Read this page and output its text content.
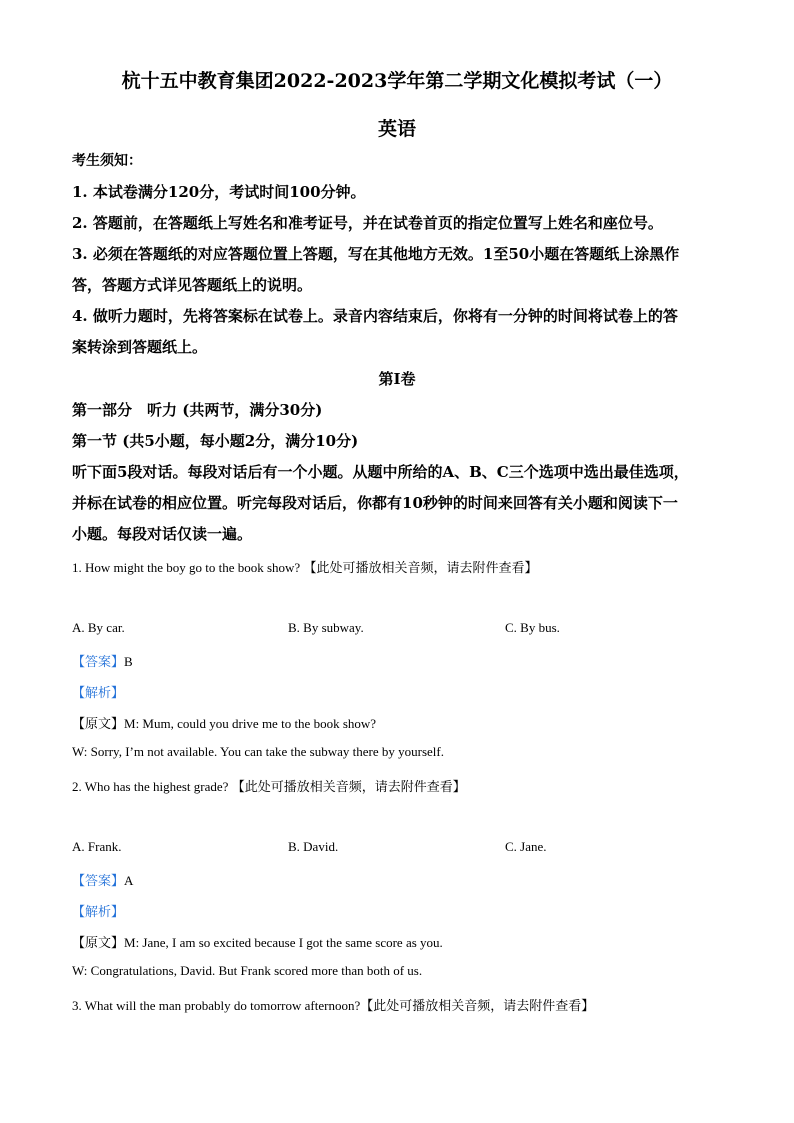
杭十五中教育集团2022-2023学年第二学期文化模拟考试（一）
英语
考生须知：
1. 本试卷满分120分，考试时间100分钟。
2. 答题前，在答题纸上写姓名和准考证号，并在试卷首页的指定位置写上姓名和座位号。
3. 必须在答题纸的对应答题位置上答题，写在其他地方无效。1至50小题在答题纸上涂黑作
答，答题方式详见答题纸上的说明。
4. 做听力题时，先将答案标在试卷上。录音内容结束后，你将有一分钟的时间将试卷上的答
案转涂到答题纸上。
第I卷
第一部分　听力 (共两节，满分30分)
第一节 (共5小题，每小题2分，满分10分)
听下面5段对话。每段对话后有一个小题。从题中所给的A、B、C三个选项中选出最佳选项，
并标在试卷的相应位置。听完每段对话后，你都有10秒钟的时间来回答有关小题和阅读下一
小题。每段对话仅读一遍。
1. How might the boy go to the book show? 【此处可播放相关音频，请去附件查看】
A. By car.	B. By subway.	C. By bus.
【答案】B
【解析】
【原文】M: Mum, could you drive me to the book show?
W: Sorry, I’m not available. You can take the subway there by yourself.
2. Who has the highest grade? 【此处可播放相关音频，请去附件查看】
A. Frank.	B. David.	C. Jane.
【答案】A
【解析】
【原文】M: Jane, I am so excited because I got the same score as you.
W: Congratulations, David. But Frank scored more than both of us.
3. What will the man probably do tomorrow afternoon?【此处可播放相关音频，请去附件查看】
